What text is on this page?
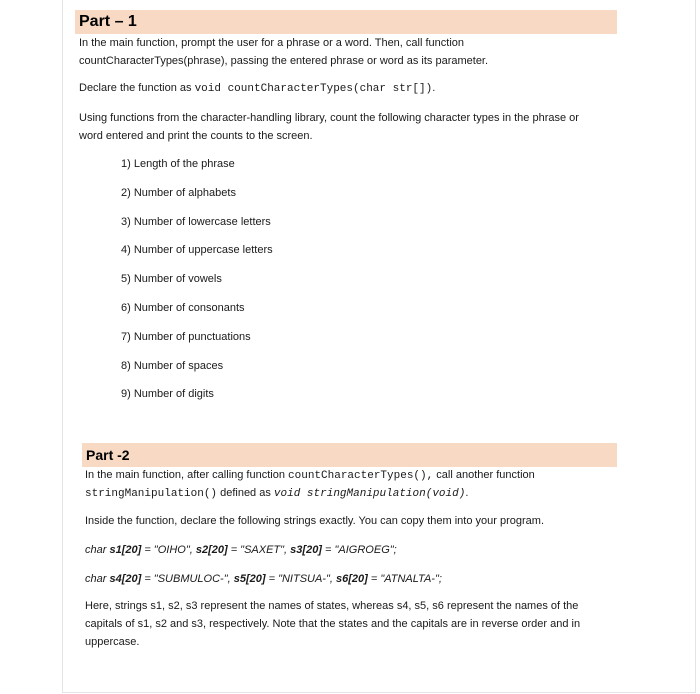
Part – 1

In the main function, prompt the user for a phrase or a word. Then, call function

countCharacterTypes(phrase), passing the entered phrase or word as its parameter.

Declare the function as void countCharacterTypes(char str[]).

Using functions from the character-handling library, count the following character types in the phrase or

word entered and print the counts to the screen.

1) Length of the phrase
2) Number of alphabets
3) Number of lowercase letters
4) Number of uppercase letters
5) Number of vowels
6) Number of consonants
7) Number of punctuations
8) Number of spaces
9) Number of digits
Part -2

In the main function, after calling function countCharacterTypes(), call another function

stringManipulation() defined as void stringManipulation(void).

Inside the function, declare the following strings exactly. You can copy them into your program.

char s1[20] = "OIHO", s2[20] = "SAXET", s3[20] = "AIGROEG";

char s4[20] = "SUBMULOC-", s5[20] = "NITSUA-", s6[20] = "ATNALTA-";

Here, strings s1, s2, s3 represent the names of states, whereas s4, s5, s6 represent the names of the

capitals of s1, s2 and s3, respectively. Note that the states and the capitals are in reverse order and in

uppercase.
